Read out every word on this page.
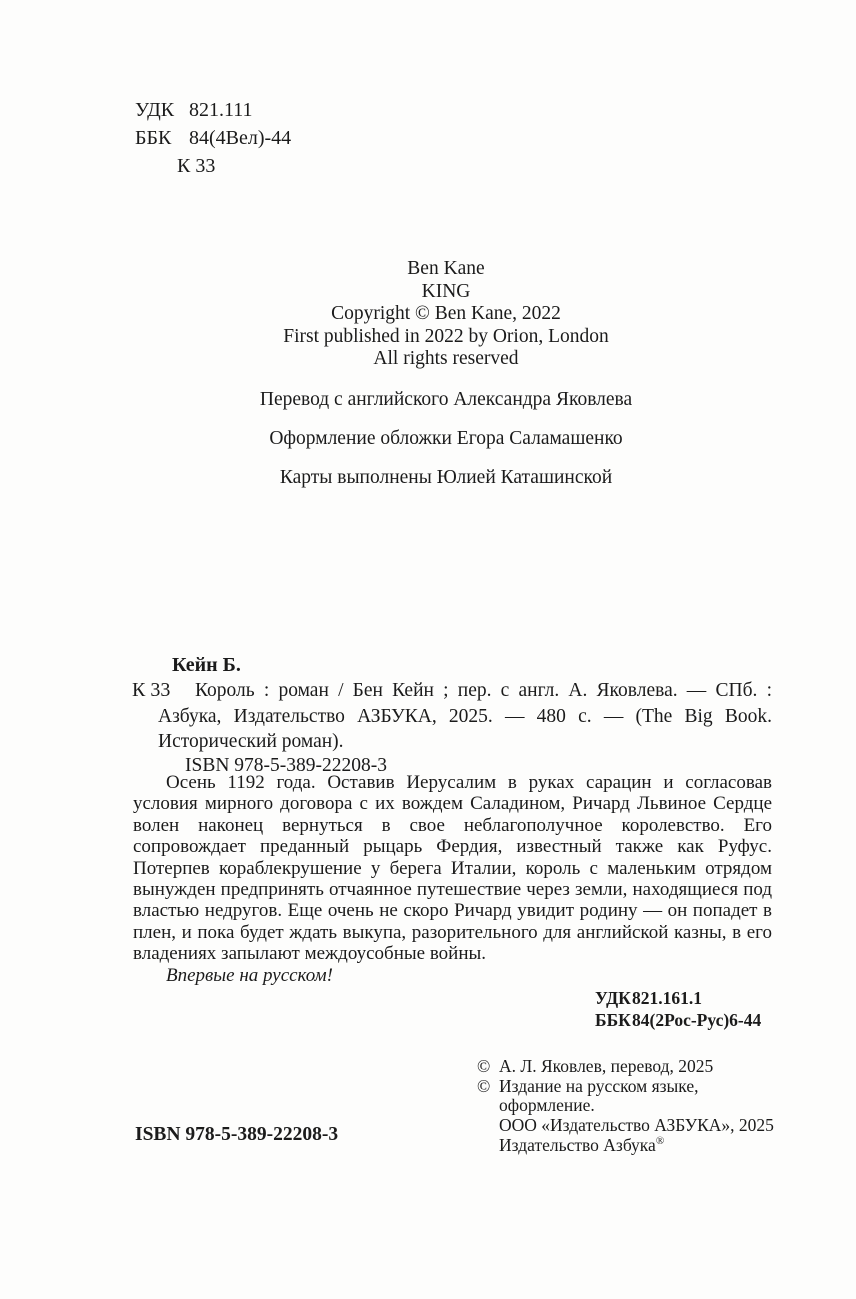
УДК 821.111
ББК 84(4Вел)-44
К 33
Ben Kane
KING
Copyright © Ben Kane, 2022
First published in 2022 by Orion, London
All rights reserved
Перевод с английского Александра Яковлева
Оформление обложки Егора Саламашенко
Карты выполнены Юлией Каташинской
Кейн Б.
К 33	Король : роман / Бен Кейн ; пер. с англ. А. Яковлева. — СПб. : Азбука, Издательство АЗБУКА, 2025. — 480 с. — (The Big Book. Исторический роман).
ISBN 978-5-389-22208-3
Осень 1192 года. Оставив Иерусалим в руках сарацин и согласовав условия мирного договора с их вождем Саладином, Ричард Львиное Сердце волен наконец вернуться в свое неблагополучное королевство. Его сопровождает преданный рыцарь Фердия, известный также как Руфус. Потерпев кораблекрушение у берега Италии, король с маленьким отрядом вынужден предпринять отчаянное путешествие через земли, находящиеся под властью недругов. Еще очень не скоро Ричард увидит родину — он попадет в плен, и пока будет ждать выкупа, разорительного для английской казны, в его владениях запылают междоусобные войны.
Впервые на русском!
УДК 821.161.1
ББК 84(2Рос-Рус)6-44
© А. Л. Яковлев, перевод, 2025
© Издание на русском языке,
оформление.
ООО «Издательство АЗБУКА», 2025
Издательство Азбука®
ISBN 978-5-389-22208-3
